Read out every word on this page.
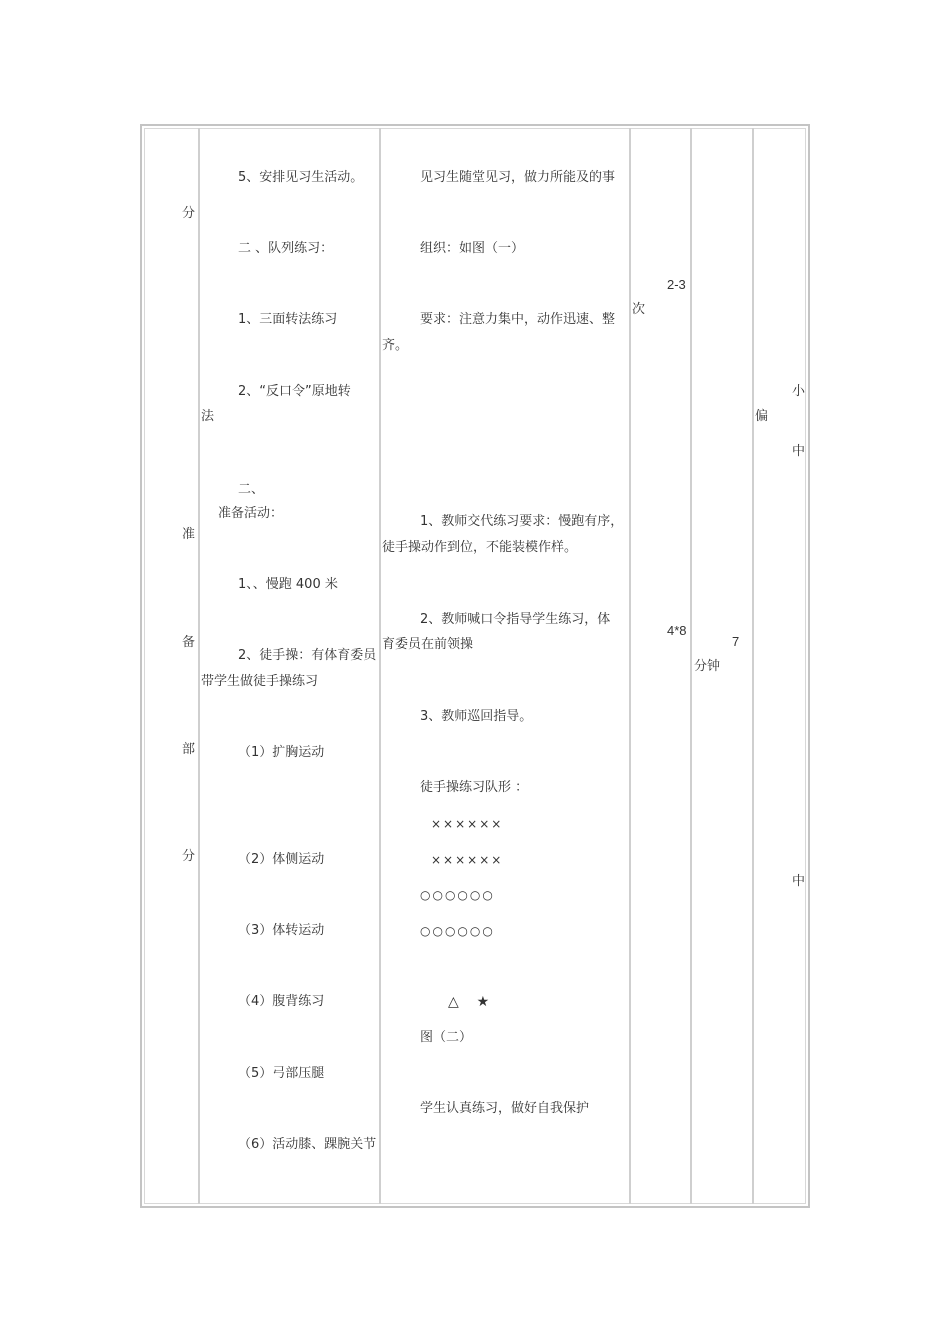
分
准
备
部
分
5、安排见习生活动。
二 、队列练习：
1、三面转法练习
2、“反口令”原地转
法
二、
准备活动：
1、、慢跑 400 米
2、徒手操：有体育委员
带学生做徒手操练习
（1）扩胸运动
（2）体侧运动
（3）体转运动
（4）腹背练习
（5）弓部压腿
（6）活动膝、踝腕关节
见习生随堂见习，做力所能及的事
组织：如图（一）
要求：注意力集中，动作迅速、整
齐。
1、教师交代练习要求：慢跑有序，
徒手操动作到位，不能装模作样。
2、教师喊口令指导学生练习，体
育委员在前领操
3、教师巡回指导。
徒手操练习队形 ：
××××××
××××××
○○○○○○
○○○○○○
△    ★
图（二）
学生认真练习，做好自我保护
2-3
次
4*8
7
分钟
偏
小
中
中
